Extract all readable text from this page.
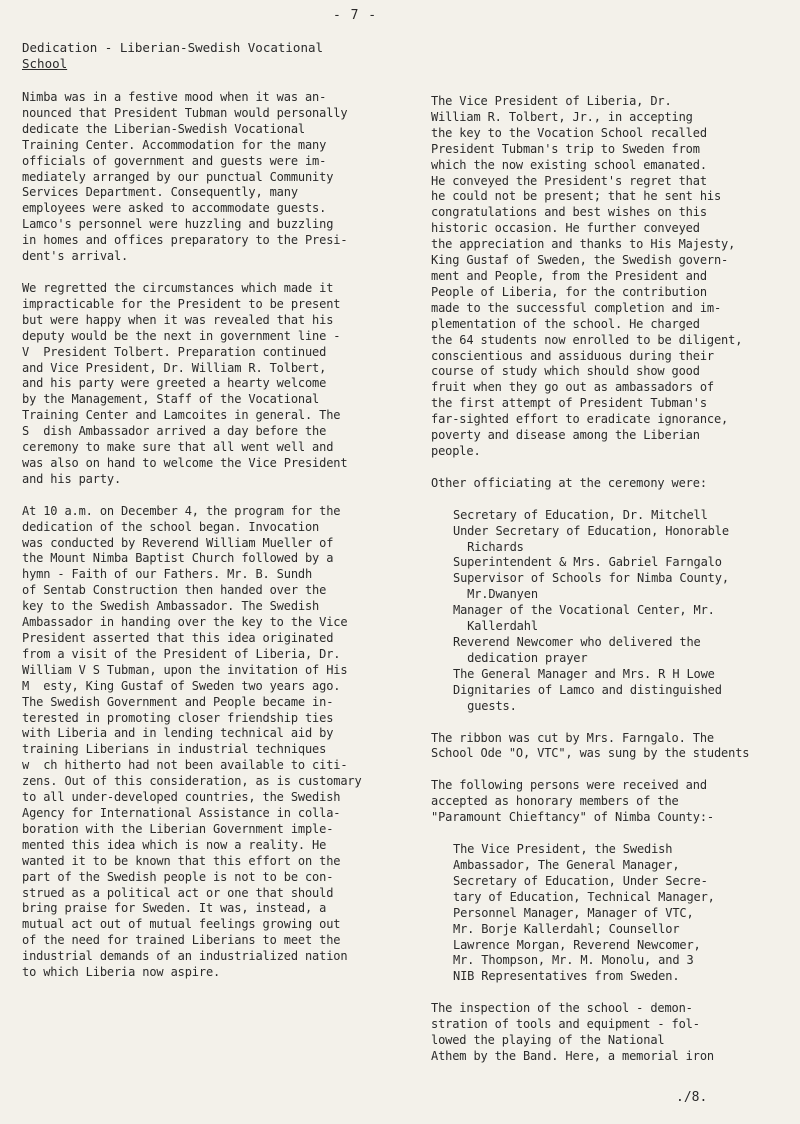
- 7 -
Dedication - Liberian-Swedish Vocational
School
Nimba was in a festive mood when it was an-
nounced that President Tubman would personally
dedicate the Liberian-Swedish Vocational
Training Center. Accommodation for the many
officials of government and guests were im-
mediately arranged by our punctual Community
Services Department. Consequently, many
employees were asked to accommodate guests.
Lamco's personnel were huzzling and buzzling
in homes and offices preparatory to the Presi-
dent's arrival.
We regretted the circumstances which made it
impracticable for the President to be present
but were happy when it was revealed that his
deputy would be the next in government line -
V  President Tolbert. Preparation continued
and Vice President, Dr. William R. Tolbert,
and his party were greeted a hearty welcome
by the Management, Staff of the Vocational
Training Center and Lamcoites in general. The
S  dish Ambassador arrived a day before the
ceremony to make sure that all went well and
was also on hand to welcome the Vice President
and his party.
At 10 a.m. on December 4, the program for the
dedication of the school began. Invocation
was conducted by Reverend William Mueller of
the Mount Nimba Baptist Church followed by a
hymn - Faith of our Fathers. Mr. B. Sundh
of Sentab Construction then handed over the
key to the Swedish Ambassador. The Swedish
Ambassador in handing over the key to the Vice
President asserted that this idea originated
from a visit of the President of Liberia, Dr.
William V S Tubman, upon the invitation of His
M  esty, King Gustaf of Sweden two years ago.
The Swedish Government and People became in-
terested in promoting closer friendship ties
with Liberia and in lending technical aid by
training Liberians in industrial techniques
w  ch hitherto had not been available to citi-
zens. Out of this consideration, as is customary
to all under-developed countries, the Swedish
Agency for International Assistance in colla-
boration with the Liberian Government imple-
mented this idea which is now a reality. He
wanted it to be known that this effort on the
part of the Swedish people is not to be con-
strued as a political act or one that should
bring praise for Sweden. It was, instead, a
mutual act out of mutual feelings growing out
of the need for trained Liberians to meet the
industrial demands of an industrialized nation
to which Liberia now aspire.
The Vice President of Liberia, Dr.
William R. Tolbert, Jr., in accepting
the key to the Vocation School recalled
President Tubman's trip to Sweden from
which the now existing school emanated.
He conveyed the President's regret that
he could not be present; that he sent his
congratulations and best wishes on this
historic occasion. He further conveyed
the appreciation and thanks to His Majesty,
King Gustaf of Sweden, the Swedish govern-
ment and People, from the President and
People of Liberia, for the contribution
made to the successful completion and im-
plementation of the school. He charged
the 64 students now enrolled to be diligent,
conscientious and assiduous during their
course of study which should show good
fruit when they go out as ambassadors of
the first attempt of President Tubman's
far-sighted effort to eradicate ignorance,
poverty and disease among the Liberian
people.
Other officiating at the ceremony were:
Secretary of Education, Dr. Mitchell
Under Secretary of Education, Honorable
Richards
Superintendent & Mrs. Gabriel Farngalo
Supervisor of Schools for Nimba County,
Mr.Dwanyen
Manager of the Vocational Center, Mr.
Kallerdahl
Reverend Newcomer who delivered the
dedication prayer
The General Manager and Mrs. R H Lowe
Dignitaries of Lamco and distinguished
guests.
The ribbon was cut by Mrs. Farngalo. The
School Ode "O, VTC", was sung by the students
The following persons were received and
accepted as honorary members of the
"Paramount Chieftancy" of Nimba County:-
The Vice President, the Swedish
Ambassador, The General Manager,
Secretary of Education, Under Secre-
tary of Education, Technical Manager,
Personnel Manager, Manager of VTC,
Mr. Borje Kallerdahl; Counsellor
Lawrence Morgan, Reverend Newcomer,
Mr. Thompson, Mr. M. Monolu, and 3
NIB Representatives from Sweden.
The inspection of the school - demon-
stration of tools and equipment - fol-
lowed the playing of the National
Athem by the Band. Here, a memorial iron
./8.
